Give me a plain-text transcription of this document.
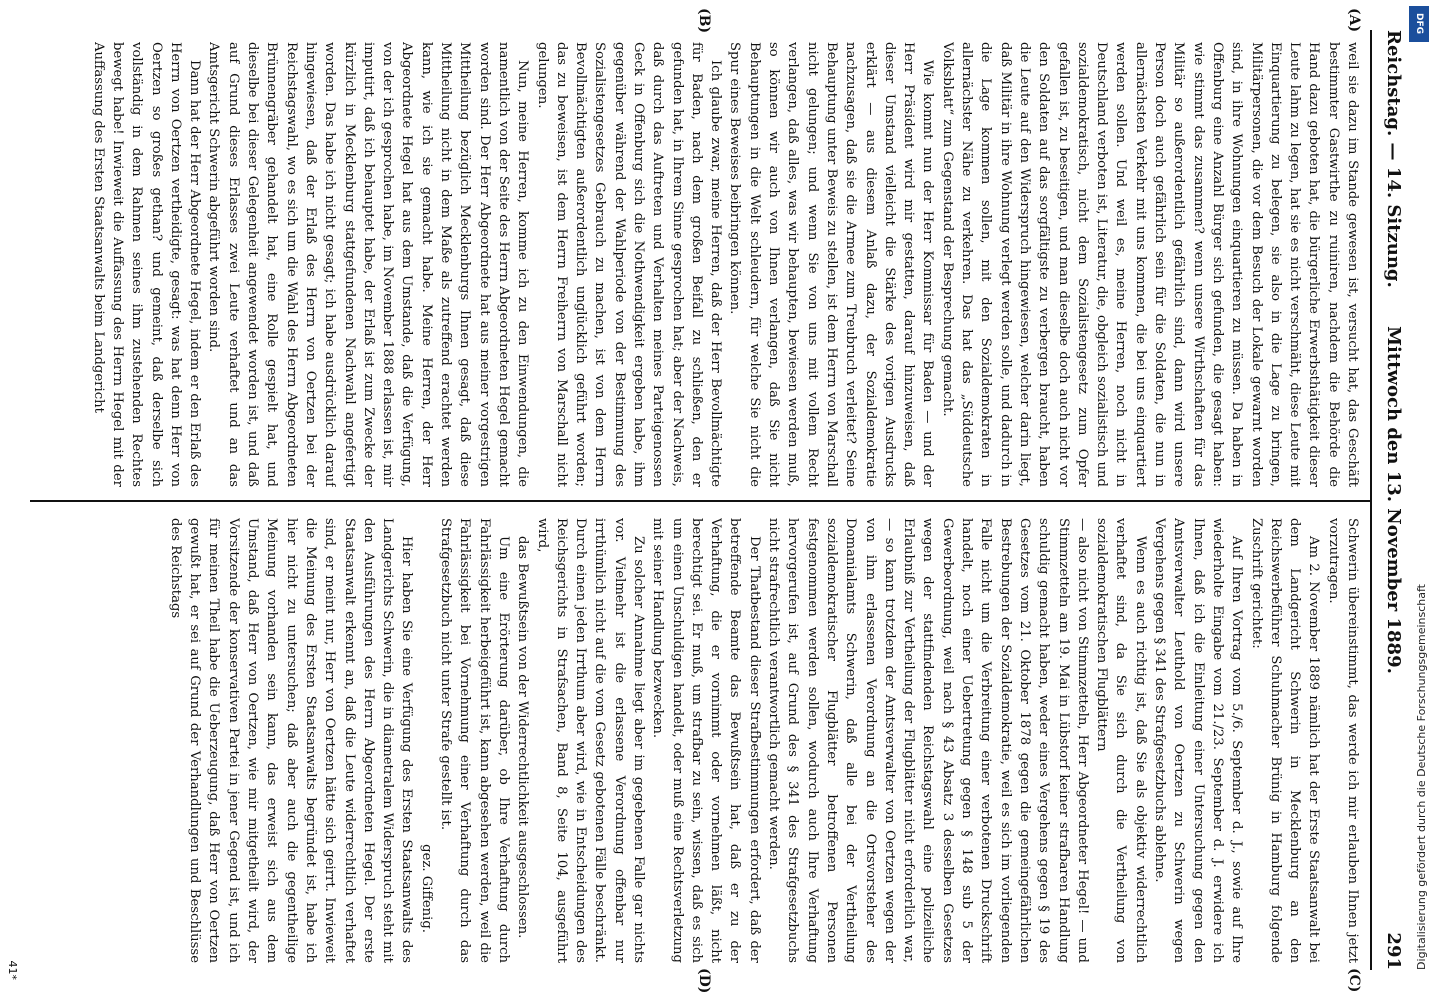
Reichstag. — 14. Sitzung.
Mittwoch den 13. November 1889.
291
(A)
(B)
(C)
(D)

weil sie dazu im Stande gewesen ist, versucht hat, das Geschäft bestimmter Gastwirthe zu ruiniren, nachdem die Behörde die Hand dazu geboten hat, die bürgerliche Erwerbsthätigkeit dieser Leute lahm zu legen, hat sie es nicht verschmäht, diese Leute mit Einquartierung zu belegen, sie also in die Lage zu bringen, Militärpersonen, die vor dem Besuch der Lokale gewarnt worden sind, in ihre Wohnungen einquartieren zu müssen. Da haben in Offenburg eine Anzahl Bürger sich gefunden, die gesagt haben: wie stimmt das zusammen? wenn unsere Wirthschaften für das Militär so außerordentlich gefährlich sind, dann wird unsere Person doch auch gefährlich sein für die Soldaten, die nun in allernächsten Verkehr mit uns kommen, die bei uns einquartiert werden sollen. Und weil es, meine Herren, noch nicht in Deutschland verboten ist, Literatur, die, obgleich sozialistisch und sozialdemokratisch, nicht dem Sozialistengesetz zum Opfer gefallen ist, zu beseitigen, und man dieselbe doch auch nicht vor den Soldaten auf das sorgfältigste zu verbergen braucht, haben die Leute auf den Widerspruch hingewiesen, welcher darin liegt, daß Militär in ihre Wohnung verlegt werden solle, und dadurch in die Lage kommen sollen, mit den Sozialdemokraten in allernächster Nähe zu verkehren. Das hat das „Süddeutsche Volksblatt“ zum Gegenstand der Besprechung gemacht.

Wie kommt nun der Herr Kommissar für Baden — und der Herr Präsident wird mir gestatten, darauf hinzuweisen, daß dieser Umstand vielleicht die Stärke des vorigen Ausdrucks erklärt — aus diesem Anlaß dazu, der Sozialdemokratie nachzusagen, daß sie die Armee zum Treubruch verleitet? Seine Behauptung unter Beweis zu stellen, ist dem Herrn von Marschall nicht gelungen; und wenn Sie von uns mit vollem Recht verlangen, daß alles, was wir behaupten, bewiesen werden muß, so können wir auch von Ihnen verlangen, daß Sie nicht Behauptungen in die Welt schleudern, für welche Sie nicht die Spur eines Beweises beibringen können.

Ich glaube zwar, meine Herren, daß der Herr Bevollmächtigte für Baden, nach dem großen Beifall zu schließen, den er gefunden hat, in Ihrem Sinne gesprochen hat; aber der Nachweis, daß durch das Auftreten und Verhalten meines Parteigenossen Geck in Offenburg sich die Nothwendigkeit ergeben habe, ihm gegenüber während der Wahlperiode von der Bestimmung des Sozialistengesetzes Gebrauch zu machen, ist von dem Herrn Bevollmächtigten außerordentlich unglücklich geführt worden; das zu beweisen, ist dem Herrn Freiherrn von Marschall nicht gelungen.

Nun, meine Herren, komme ich zu den Einwendungen, die namentlich von der Seite des Herrn Abgeordneten Hegel gemacht worden sind. Der Herr Abgeordnete hat aus meiner vorgestrigen Mittheilung bezüglich Mecklenburgs Ihnen gesagt, daß diese Mittheilung nicht in dem Maße als zutreffend erachtet werden kann, wie ich sie gemacht habe. Meine Herren, der Herr Abgeordnete Hegel hat aus dem Umstande, daß die Verfügung, von der ich gesprochen habe, im November 1888 erlassen ist, mir imputirt, daß ich behauptet habe, der Erlaß ist zum Zwecke der kürzlich in Mecklenburg stattgefundenen Nachwahl angefertigt worden. Das habe ich nicht gesagt; ich habe ausdrücklich darauf hingewiesen, daß der Erlaß des Herrn von Oertzen bei der Reichstagswahl, wo es sich um die Wahl des Herrn Abgeordneten Brünnengräber gehandelt hat, eine Rolle gespielt hat, und dieselbe bei dieser Gelegenheit angewendet worden ist, und daß auf Grund dieses Erlasses zwei Leute verhaftet und an das Amtsgericht Schwerin abgeführt worden sind.

Dann hat der Herr Abgeordnete Hegel, indem er den Erlaß des Herrn von Oertzen vertheidigte, gesagt: was hat denn Herr von Oertzen so großes gethan? und gemeint, daß derselbe sich vollständig in dem Rahmen seines ihm zustehenden Rechtes bewegt habe! Inwieweit die Auffassung des Herrn Hegel mit der Auffassung des Ersten Staatsanwalts beim Landgericht

Schwerin übereinstimmt, das werde ich mir erlauben Ihnen jetzt vorzutragen.

Am 2. November 1889 nämlich hat der Erste Staatsanwalt bei dem Landgericht Schwerin in Mecklenburg an den Reichswerbeführer Schuhmacher Brünig in Hamburg folgende Zuschrift gerichtet:

Auf Ihren Vortrag vom 5./6. September d. J., sowie auf Ihre wiederholte Eingabe vom 21./23. September d. J. erwidere ich Ihnen, daß ich die Einleitung einer Untersuchung gegen den Amtsverwalter Leuthold von Oertzen zu Schwerin wegen Vergehens gegen § 341 des Strafgesetzbuchs ablehne.

Wenn es auch richtig ist, daß Sie als objektiv widerrechtlich verhaftet sind, da Sie sich durch die Vertheilung von sozialdemokratischen Flugblättern

— also nicht von Stimmzetteln, Herr Abgeordneter Hegel! — und Stimmzetteln am 19. Mai in Lübstorf keiner strafbaren Handlung schuldig gemacht haben, weder eines Vergehens gegen § 19 des Gesetzes vom 21. Oktober 1878 gegen die gemeingefährlichen Bestrebungen der Sozialdemokratie, weil es sich im vorliegenden Falle nicht um die Verbreitung einer verbotenen Druckschrift handelt, noch einer Uebertretung gegen § 148 sub 5 der Gewerbeordnung, weil nach § 43 Absatz 3 desselben Gesetzes wegen der stattfindenden Reichstagswahl eine polizeiliche Erlaubniß zur Vertheilung der Flugblätter nicht erforderlich war, — so kann trotzdem der Amtsverwalter von Oertzen wegen der von ihm erlassenen Verordnung an die Ortsvorsteher des Domanialamts Schwerin, daß alle bei der Vertheilung sozialdemokratischer Flugblätter betroffenen Personen festgenommen werden sollen, wodurch auch Ihre Verhaftung hervorgerufen ist, auf Grund des § 341 des Strafgesetzbuchs nicht strafrechtlich verantwortlich gemacht werden.

Der Thatbestand dieser Strafbestimmungen erfordert, daß der betreffende Beamte das Bewußtsein hat, daß er zu der Verhaftung, die er vornimmt oder vornehmen läßt, nicht berechtigt sei. Er muß, um strafbar zu sein, wissen, daß es sich um einen Unschuldigen handelt, oder muß eine Rechtsverletzung mit seiner Handlung bezwecken.

Zu solcher Annahme liegt aber im gegebenen Falle gar nichts vor. Vielmehr ist die erlassene Verordnung offenbar nur irrthümlich nicht auf die vom Gesetz gebotenen Fälle beschränkt. Durch einen jeden Irrthum aber wird, wie in Entscheidungen des Reichsgerichts in Strafsachen, Band 8, Seite 104, ausgeführt wird,

das Bewußtsein von der Widerrechtlichkeit ausgeschlossen.

Um eine Erörterung darüber, ob Ihre Verhaftung durch Fahrlässigkeit herbeigeführt ist, kann abgesehen werden, weil die Fahrlässigkeit bei Vornehmung einer Verhaftung durch das Strafgesetzbuch nicht unter Strafe gestellt ist.

gez. Giffenig.

Hier haben Sie eine Verfügung des Ersten Staatsanwalts des Landgerichts Schwerin, die in diametralem Widerspruch steht mit den Ausführungen des Herrn Abgeordneten Hegel. Der erste Staatsanwalt erkennt an, daß die Leute widerrechtlich verhaftet sind, er meint nur, Herr von Oertzen hätte sich geirrt. Inwieweit die Meinung des Ersten Staatsanwalts begründet ist, habe ich hier nicht zu untersuchen; daß aber auch die gegentheilige Meinung vorhanden sein kann, das erweist sich aus dem Umstand, daß Herr von Oertzen, wie mir mitgetheilt wird, der Vorsitzende der konservativen Partei in jener Gegend ist, und ich für meinen Theil habe die Ueberzeugung, daß Herr von Oertzen gewußt hat, er sei auf Grund der Verhandlungen und Beschlüsse des Reichstags

41*
DFG
Digitalisierung gefördert durch die Deutsche Forschungsgemeinschaft
